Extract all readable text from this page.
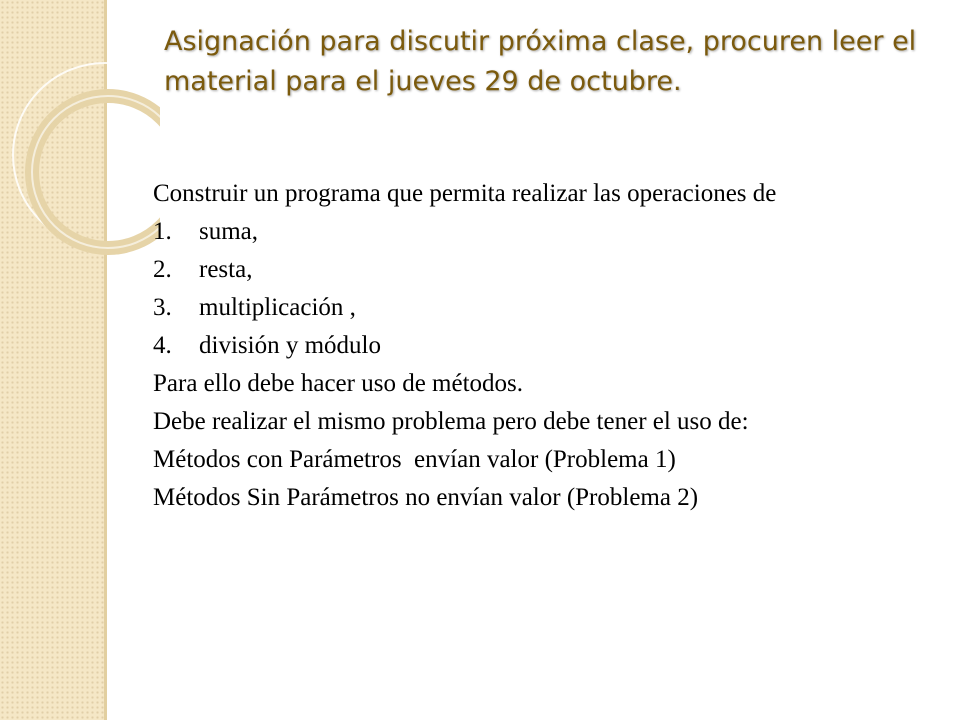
Asignación para discutir próxima clase, procuren leer el material para el jueves 29 de octubre.

Construir un programa que permita realizar las operaciones de

1.	suma,
2.	resta,
3.	multiplicación ,
4.	división y módulo

Para ello debe hacer uso de métodos.

Debe realizar el mismo problema pero debe tener el uso de:

Métodos con Parámetros  envían valor (Problema 1)

Métodos Sin Parámetros no envían valor (Problema 2)
